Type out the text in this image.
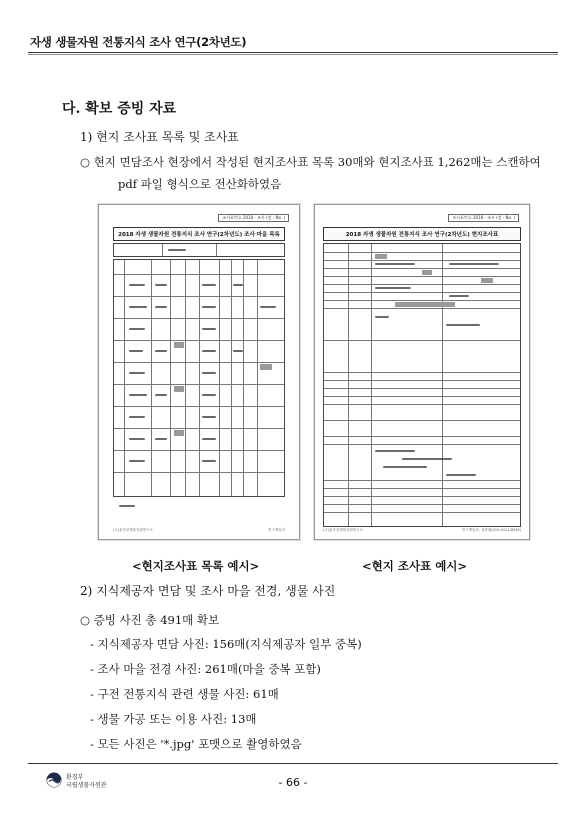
자생 생물자원 전통지식 조사 연구(2차년도)
다. 확보 증빙 자료
1) 현지 조사표 목록 및 조사표
○ 현지 면담조사 현장에서 작성된 현지조사표 목록 30매와 현지조사표 1,262매는 스캔하여
pdf 파일 형식으로 전산화하였음
조사표번호 2018 - 조사 (정 - No. )
2018 자생 생물자원 전통지식 조사 연구(2차년도) 조사 마을 목록
(주)솔루션생물자원연구소	연구책임자
조사표번호 2018 - 조사 (정 - No. )
2018 자생 생물자원 전통지식 조사 연구(2차년도) 현지조사표
(주)솔루션생물자원연구소	연구책임자: 정종태(010-9411-8036)
<현지조사표 목록 예시>	<현지 조사표 예시>
2) 지식제공자 면담 및 조사 마을 전경, 생물 사진
○ 증빙 사진 총 491매 확보
- 지식제공자 면담 사진: 156매(지식제공자 일부 중복)
- 조사 마을 전경 사진: 261매(마을 중복 포함)
- 구전 전통지식 관련 생물 사진: 61매
- 생물 가공 또는 이용 사진: 13매
- 모든 사진은 '*.jpg' 포맷으로 촬영하였음
환경부
국립생물자원관	- 66 -
